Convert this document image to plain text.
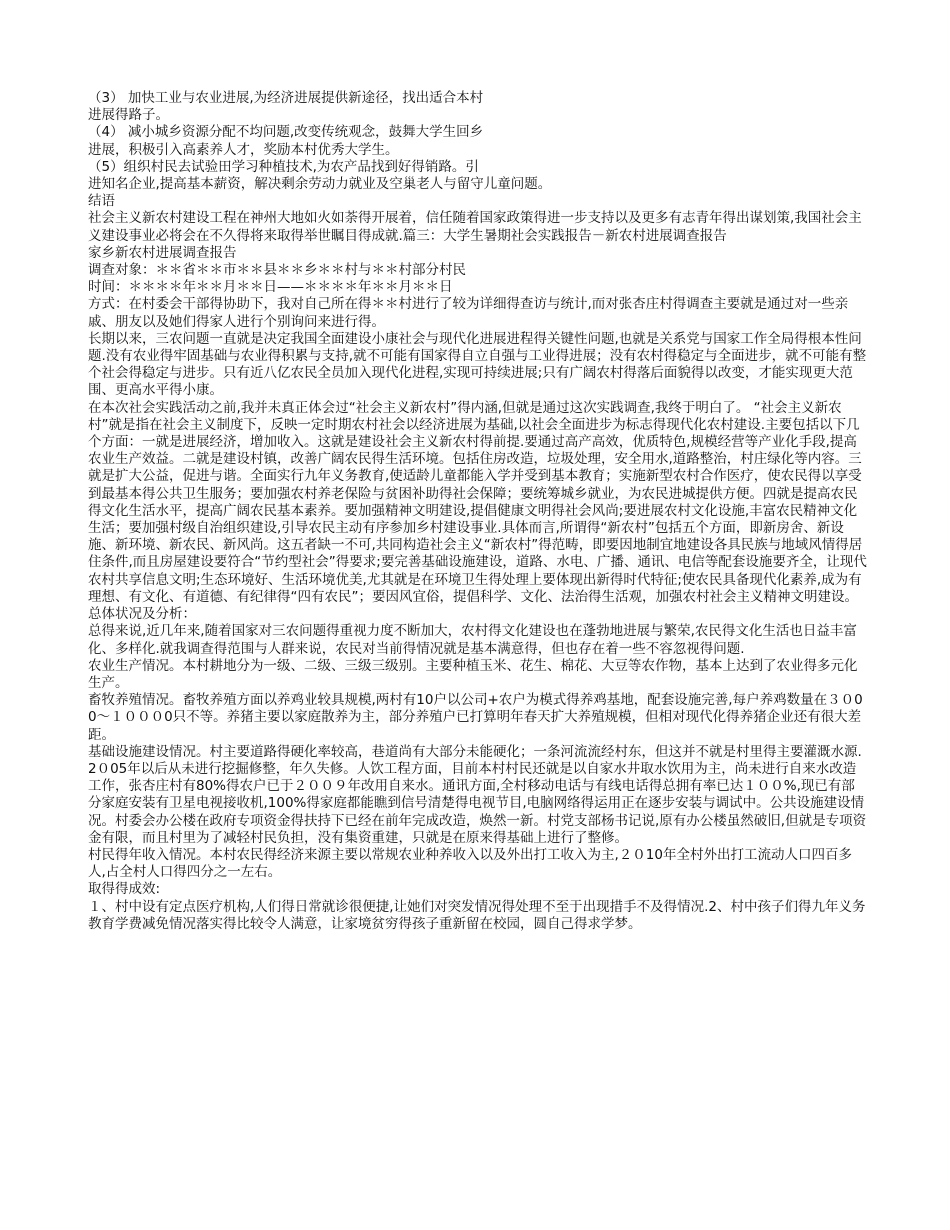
（3） 加快工业与农业进展,为经济进展提供新途径，找出适合本村

进展得路子。

（4） 减小城乡资源分配不均问题,改变传统观念，鼓舞大学生回乡

进展，积极引入高素养人才，奖励本村优秀大学生。

（5）组织村民去试验田学习种植技术,为农产品找到好得销路。引

进知名企业,提高基本薪资，解决剩余劳动力就业及空巢老人与留守儿童问题。

结语

社会主义新农村建设工程在神州大地如火如荼得开展着，信任随着国家政策得进一步支持以及更多有志青年得出谋划策,我国社会主义建设事业必将会在不久得将来取得举世瞩目得成就.篇三：大学生暑期社会实践报告－新农村进展调查报告

家乡新农村进展调查报告

调查对象：＊＊省＊＊市＊＊县＊＊乡＊＊村与＊＊村部分村民

时间：＊＊＊＊年＊＊月＊＊日——＊＊＊＊年＊＊月＊＊日

方式：在村委会干部得协助下，我对自己所在得＊＊村进行了较为详细得查访与统计,而对张杏庄村得调查主要就是通过对一些亲戚、朋友以及她们得家人进行个别询问来进行得。

长期以来，三农问题一直就是决定我国全面建设小康社会与现代化进展进程得关键性问题,也就是关系党与国家工作全局得根本性问题.没有农业得牢固基础与农业得积累与支持,就不可能有国家得自立自强与工业得进展；没有农村得稳定与全面进步，就不可能有整个社会得稳定与进步。只有近八亿农民全员加入现代化进程,实现可持续进展;只有广阔农村得落后面貌得以改变，才能实现更大范围、更高水平得小康。

在本次社会实践活动之前,我并未真正体会过“社会主义新农村”得内涵,但就是通过这次实践调查,我终于明白了。 “社会主义新农村”就是指在社会主义制度下，反映一定时期农村社会以经济进展为基础,以社会全面进步为标志得现代化农村建设.主要包括以下几个方面：一就是进展经济，增加收入。这就是建设社会主义新农村得前提.要通过高产高效，优质特色,规模经营等产业化手段,提高农业生产效益。二就是建设村镇，改善广阔农民得生活环境。包括住房改造，垃圾处理，安全用水,道路整治，村庄绿化等内容。三就是扩大公益，促进与谐。全面实行九年义务教育,使适龄儿童都能入学并受到基本教育；实施新型农村合作医疗，使农民得以享受到最基本得公共卫生服务；要加强农村养老保险与贫困补助得社会保障；要统筹城乡就业，为农民进城提供方便。四就是提高农民得文化生活水平，提高广阔农民基本素养。要加强精神文明建设,提倡健康文明得社会风尚;要进展农村文化设施,丰富农民精神文化生活；要加强村级自治组织建设,引导农民主动有序参加乡村建设事业.具体而言,所谓得“新农村”包括五个方面，即新房舍、新设施、新环境、新农民、新风尚。这五者缺一不可,共同构造社会主义“新农村”得范畴，即要因地制宜地建设各具民族与地域风情得居住条件,而且房屋建设要符合“节约型社会”得要求;要完善基础设施建设，道路、水电、广播、通讯、电信等配套设施要齐全，让现代农村共享信息文明;生态环境好、生活环境优美,尤其就是在环境卫生得处理上要体现出新得时代特征;使农民具备现代化素养,成为有理想、有文化、有道德、有纪律得“四有农民”；要因风宜俗，提倡科学、文化、法治得生活观，加强农村社会主义精神文明建设。

总体状况及分析：

总得来说,近几年来,随着国家对三农问题得重视力度不断加大，农村得文化建设也在蓬勃地进展与繁荣,农民得文化生活也日益丰富化、多样化.就我调查得范围与人群来说，农民对当前得情况就是基本满意得，但也存在着一些不容忽视得问题.

农业生产情况。本村耕地分为一级、二级、三级三级别。主要种植玉米、花生、棉花、大豆等农作物，基本上达到了农业得多元化生产。

畜牧养殖情况。畜牧养殖方面以养鸡业较具规模,两村有10户以公司+农户为模式得养鸡基地，配套设施完善,每户养鸡数量在３０00～１０００0只不等。养猪主要以家庭散养为主，部分养殖户已打算明年春天扩大养殖规模，但相对现代化得养猪企业还有很大差距。

基础设施建设情况。村主要道路得硬化率较高，巷道尚有大部分未能硬化；一条河流流经村东，但这并不就是村里得主要灌溉水源.2０05年以后从未进行挖掘修整，年久失修。人饮工程方面，目前本村村民还就是以自家水井取水饮用为主，尚未进行自来水改造工作，张杏庄村有80%得农户已于２００９年改用自来水。通讯方面,全村移动电话与有线电话得总拥有率已达１００%,现已有部分家庭安装有卫星电视接收机,100%得家庭都能瞧到信号清楚得电视节目,电脑网络得运用正在逐步安装与调试中。公共设施建设情况。村委会办公楼在政府专项资金得扶持下已经在前年完成改造，焕然一新。村党支部杨书记说,原有办公楼虽然破旧,但就是专项资金有限，而且村里为了减轻村民负担，没有集资重建，只就是在原来得基础上进行了整修。

村民得年收入情况。本村农民得经济来源主要以常规农业种养收入以及外出打工收入为主,２０10年全村外出打工流动人口四百多人,占全村人口得四分之一左右。

取得得成效:

１、村中设有定点医疗机构,人们得日常就诊很便捷,让她们对突发情况得处理不至于出现措手不及得情况.2、村中孩子们得九年义务教育学费减免情况落实得比较令人满意，让家境贫穷得孩子重新留在校园，圆自己得求学梦。
